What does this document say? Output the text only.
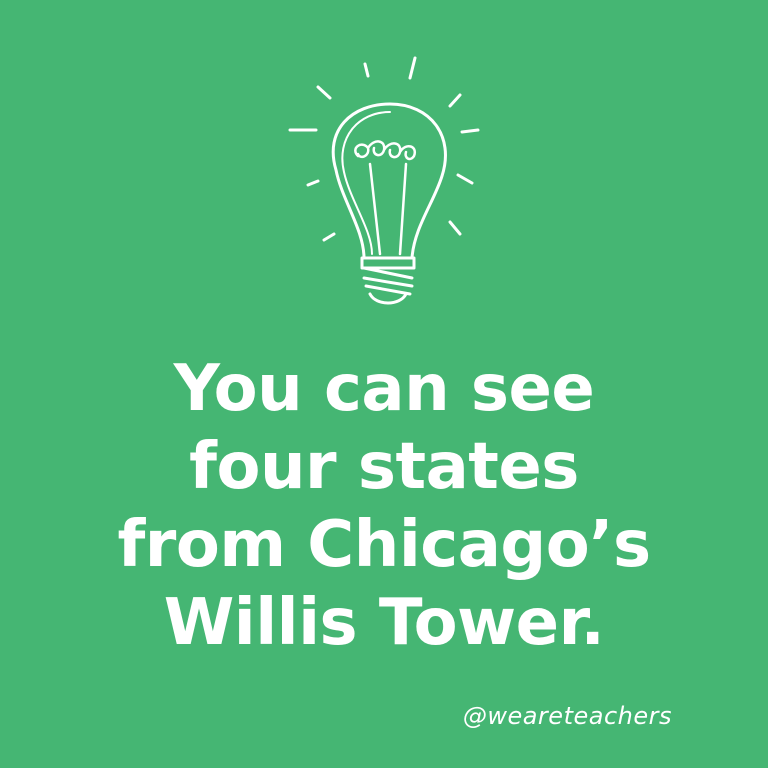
You can see
four states
from Chicago’s
Willis Tower.

@weareteachers
